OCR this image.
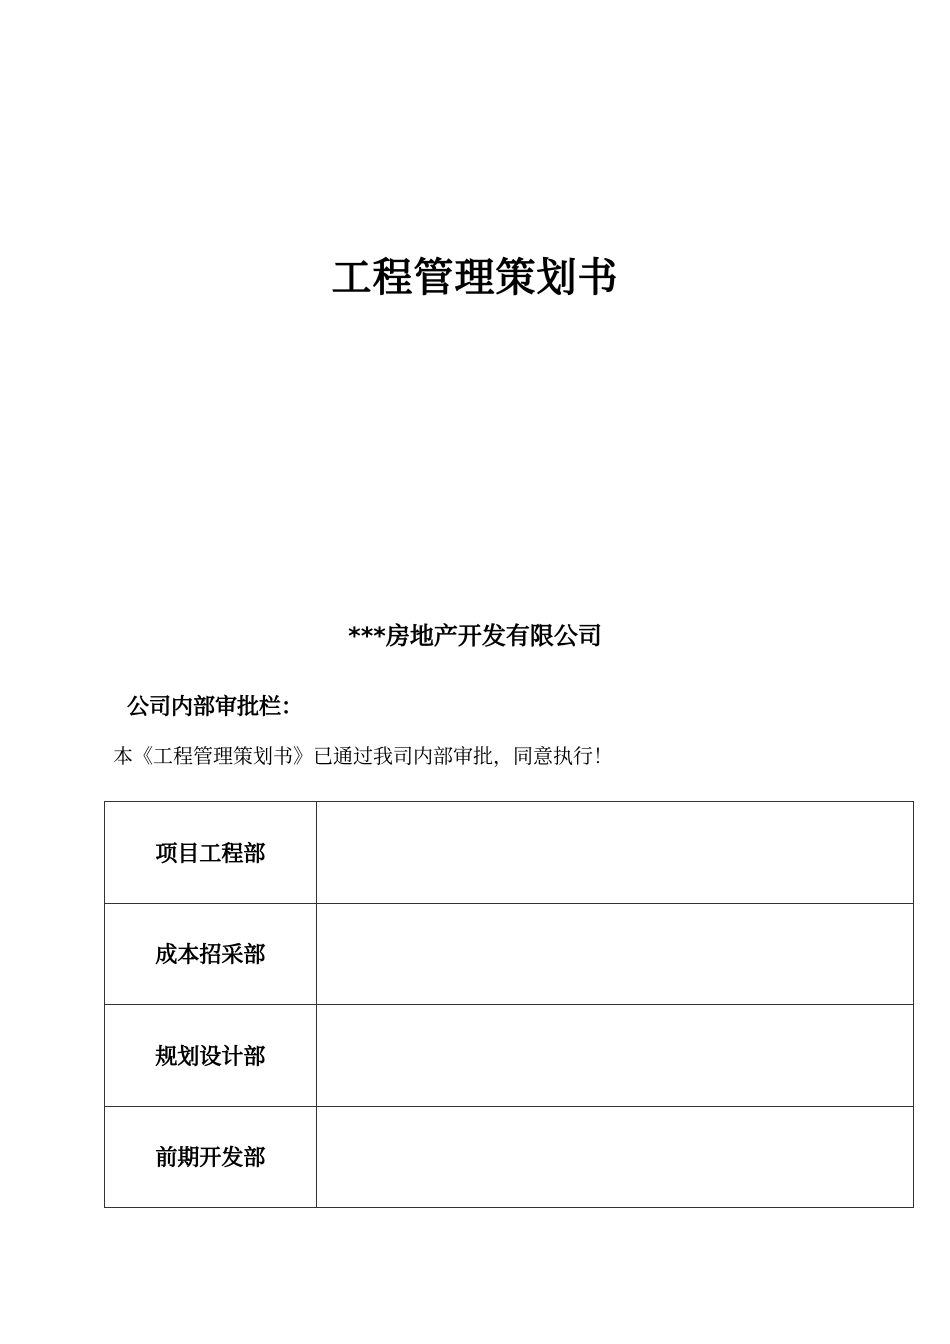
工程管理策划书
***房地产开发有限公司
公司内部审批栏：
本《工程管理策划书》已通过我司内部审批，同意执行！
项目工程部	
成本招采部	
规划设计部	
前期开发部	
